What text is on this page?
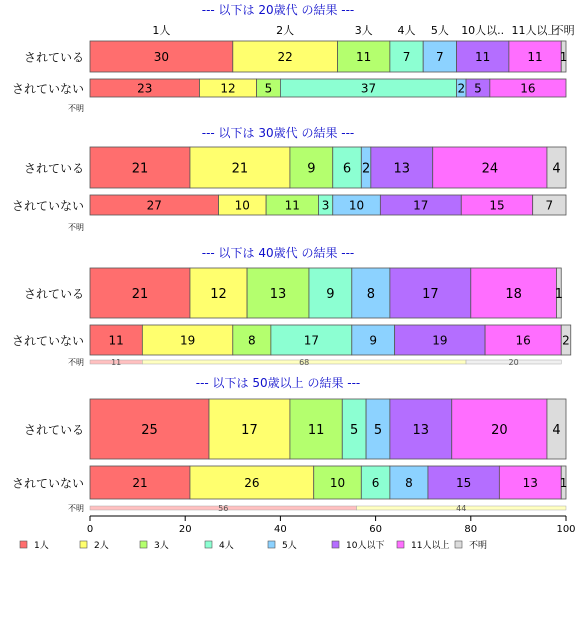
1人	2人	3人 4人 5人 10人以.. 11人以上
不明
--- 以下は 20歳代 の結果 ---
されている	30	22	11	7 7	11	11 1
されていない	23	12 5	37	2 5	16
不明
--- 以下は 30歳代 の結果 ---
されている	21	21	9 6 2 13	24	4
されていない	27	10	11 3 10	17	15	7
不明
--- 以下は 40歳代 の結果 ---
されている	21	12	13	9 8	17	18	1
されていない 11	19	8	17	9	19	16	2
不明	11	68	20
--- 以下は 50歳以上 の結果 ---
されている	25	17	11 5 5 13	20	4
されていない	21	26	10 6 8	15	13 1
不明	56	44
0	20	40	60	80	100
1人	2人	3人	4人	5人	10人以下	11人以上 不明
